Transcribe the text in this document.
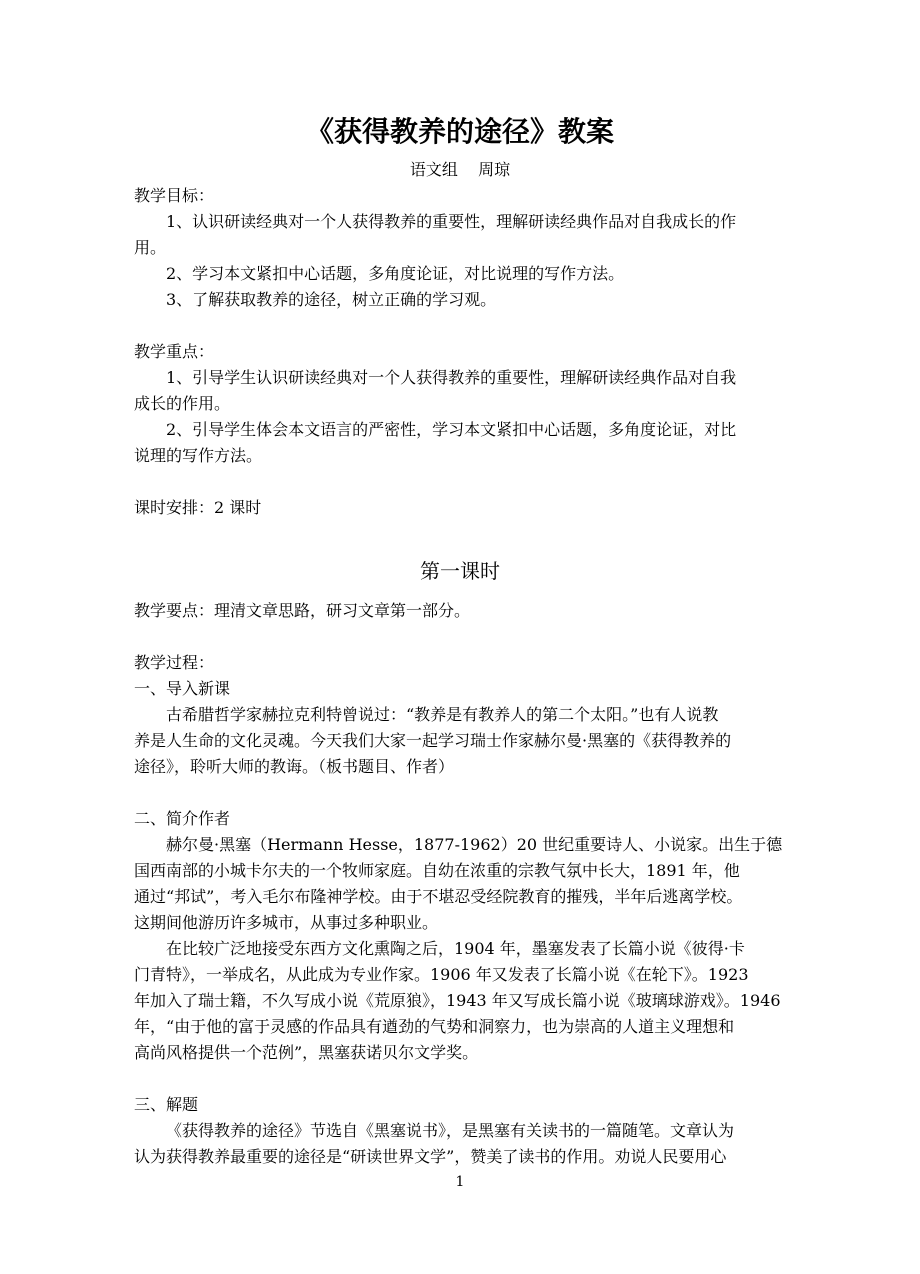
《获得教养的途径》教案
语文组    周琼
教学目标：
1、认识研读经典对一个人获得教养的重要性，理解研读经典作品对自我成长的作
用。
2、学习本文紧扣中心话题，多角度论证，对比说理的写作方法。
3、了解获取教养的途径，树立正确的学习观。
教学重点：
1、引导学生认识研读经典对一个人获得教养的重要性，理解研读经典作品对自我
成长的作用。
2、引导学生体会本文语言的严密性，学习本文紧扣中心话题，多角度论证，对比
说理的写作方法。
课时安排：2 课时
第一课时
教学要点：理清文章思路，研习文章第一部分。
教学过程：
一、导入新课
古希腊哲学家赫拉克利特曾说过：“教养是有教养人的第二个太阳。”也有人说教
养是人生命的文化灵魂。今天我们大家一起学习瑞士作家赫尔曼·黑塞的《获得教养的
途径》，聆听大师的教诲。（板书题目、作者）
二、简介作者
赫尔曼·黑塞（Hermann Hesse，1877-1962）20 世纪重要诗人、小说家。出生于德
国西南部的小城卡尔夫的一个牧师家庭。自幼在浓重的宗教气氛中长大，1891 年，他
通过“邦试”，考入毛尔布隆神学校。由于不堪忍受经院教育的摧残，半年后逃离学校。
这期间他游历许多城市，从事过多种职业。
在比较广泛地接受东西方文化熏陶之后，1904 年，墨塞发表了长篇小说《彼得·卡
门青特》，一举成名，从此成为专业作家。1906 年又发表了长篇小说《在轮下》。1923
年加入了瑞士籍，不久写成小说《荒原狼》，1943 年又写成长篇小说《玻璃球游戏》。1946
年，“由于他的富于灵感的作品具有遒劲的气势和洞察力，也为崇高的人道主义理想和
高尚风格提供一个范例”，黑塞获诺贝尔文学奖。
三、解题
《获得教养的途径》节选自《黑塞说书》，是黑塞有关读书的一篇随笔。文章认为
认为获得教养最重要的途径是“研读世界文学”，赞美了读书的作用。劝说人民要用心
1
